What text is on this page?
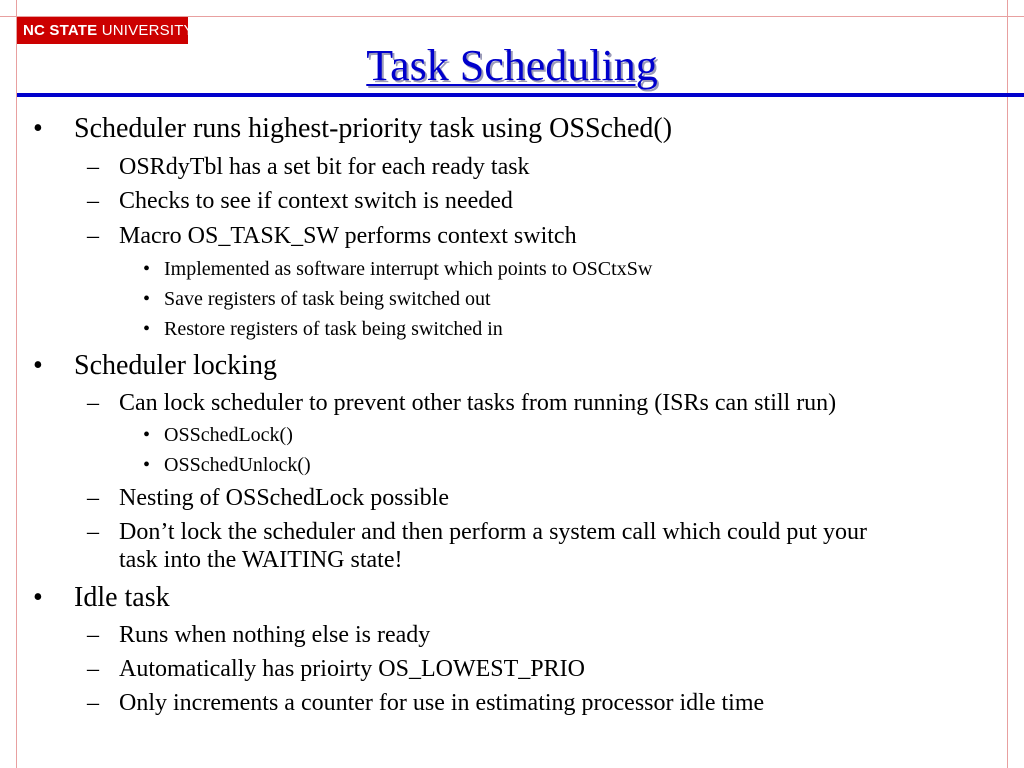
NC STATE UNIVERSITY
Task Scheduling
• Scheduler runs highest-priority task using OSSched()
– OSRdyTbl has a set bit for each ready task
– Checks to see if context switch is needed
– Macro OS_TASK_SW performs context switch
• Implemented as software interrupt which points to OSCtxSw
• Save registers of task being switched out
• Restore registers of task being switched in
• Scheduler locking
– Can lock scheduler to prevent other tasks from running (ISRs can still run)
• OSSchedLock()
• OSSchedUnlock()
– Nesting of OSSchedLock possible
– Don’t lock the scheduler and then perform a system call which could put your
task into the WAITING state!
• Idle task
– Runs when nothing else is ready
– Automatically has prioirty OS_LOWEST_PRIO
– Only increments a counter for use in estimating processor idle time
